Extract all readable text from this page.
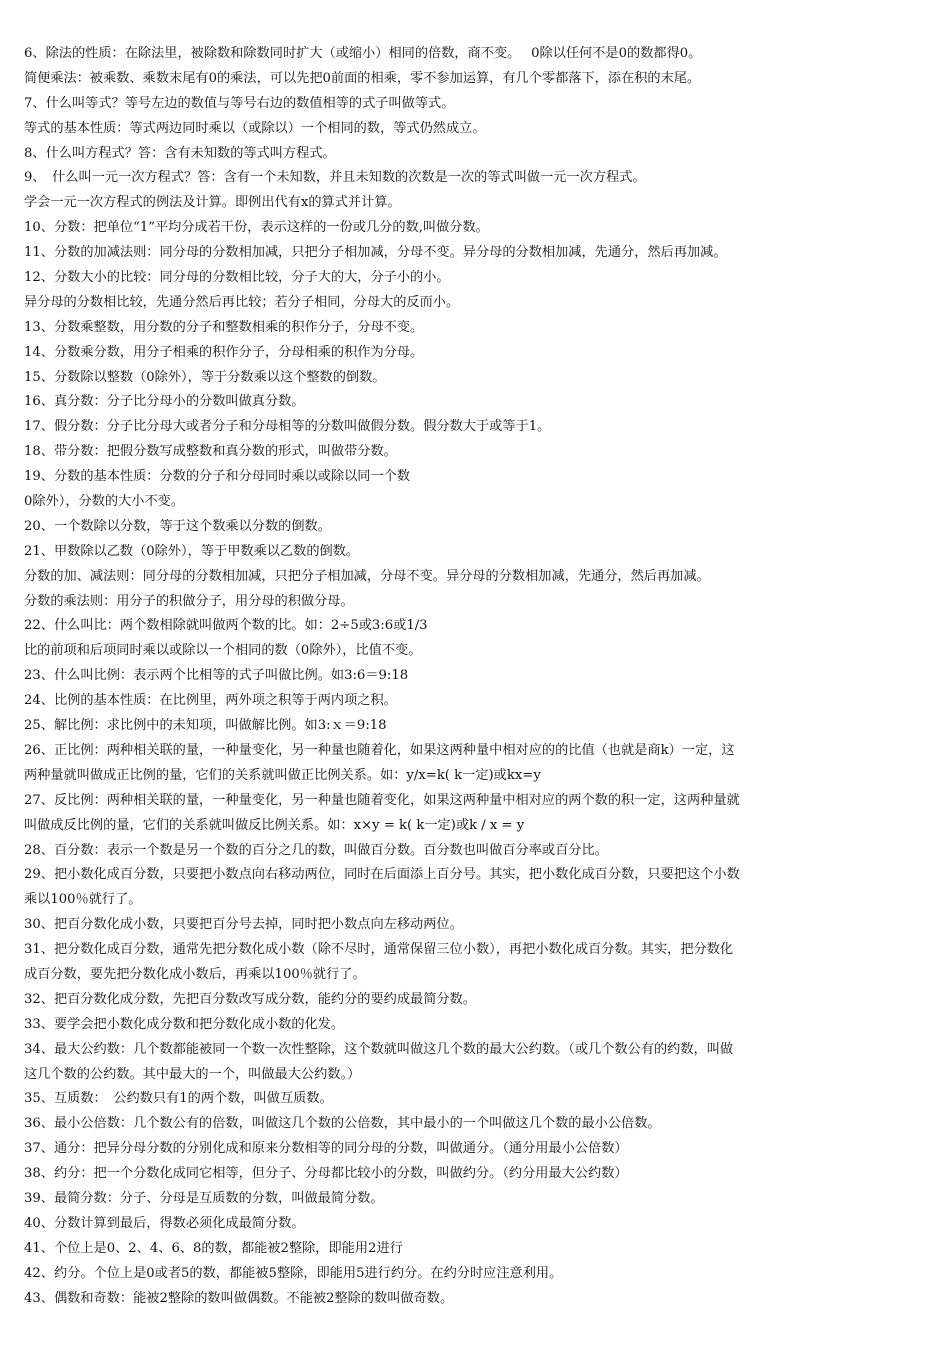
6、除法的性质：在除法里，被除数和除数同时扩大（或缩小）相同的倍数，商不变。　 0除以任何不是0的数都得0。
简便乘法：被乘数、乘数末尾有0的乘法，可以先把0前面的相乘，零不参加运算，有几个零都落下，添在积的末尾。
7、什么叫等式？等号左边的数值与等号右边的数值相等的式子叫做等式。
等式的基本性质：等式两边同时乘以（或除以）一个相同的数，等式仍然成立。
8、什么叫方程式？答：含有未知数的等式叫方程式。
9、　什么叫一元一次方程式？答：含有一个未知数，并且未知数的次数是一次的等式叫做一元一次方程式。
学会一元一次方程式的例法及计算。即例出代有x的算式并计算。
10、分数：把单位“1”平均分成若干份，表示这样的一份或几分的数,叫做分数。
11、分数的加减法则：同分母的分数相加减，只把分子相加减，分母不变。异分母的分数相加减，先通分，然后再加减。
12、分数大小的比较：同分母的分数相比较，分子大的大，分子小的小。
异分母的分数相比较，先通分然后再比较；若分子相同，分母大的反而小。
13、分数乘整数，用分数的分子和整数相乘的积作分子，分母不变。
14、分数乘分数，用分子相乘的积作分子，分母相乘的积作为分母。
15、分数除以整数（0除外），等于分数乘以这个整数的倒数。
16、真分数：分子比分母小的分数叫做真分数。
17、假分数：分子比分母大或者分子和分母相等的分数叫做假分数。假分数大于或等于1。
18、带分数：把假分数写成整数和真分数的形式，叫做带分数。
19、分数的基本性质：分数的分子和分母同时乘以或除以同一个数
0除外），分数的大小不变。
20、一个数除以分数，等于这个数乘以分数的倒数。
21、甲数除以乙数（0除外），等于甲数乘以乙数的倒数。
分数的加、减法则：同分母的分数相加减，只把分子相加减，分母不变。异分母的分数相加减，先通分，然后再加减。
分数的乘法则：用分子的积做分子，用分母的积做分母。
22、什么叫比：两个数相除就叫做两个数的比。如：2÷5或3:6或1/3
比的前项和后项同时乘以或除以一个相同的数（0除外），比值不变。
23、什么叫比例：表示两个比相等的式子叫做比例。如3:6＝9:18
24、比例的基本性质：在比例里，两外项之积等于两内项之积。
25、解比例：求比例中的未知项，叫做解比例。如3:ｘ＝9:18
26、正比例：两种相关联的量，一种量变化，另一种量也随着化，如果这两种量中相对应的的比值（也就是商k）一定，这
两种量就叫做成正比例的量，它们的关系就叫做正比例关系。如：y/x=k( k一定)或kx=y
27、反比例：两种相关联的量，一种量变化，另一种量也随着变化，如果这两种量中相对应的两个数的积一定，这两种量就
叫做成反比例的量，它们的关系就叫做反比例关系。如：x×y = k( k一定)或k / x = y
28、百分数：表示一个数是另一个数的百分之几的数，叫做百分数。百分数也叫做百分率或百分比。
29、把小数化成百分数，只要把小数点向右移动两位，同时在后面添上百分号。其实，把小数化成百分数，只要把这个小数
乘以100％就行了。
30、把百分数化成小数，只要把百分号去掉，同时把小数点向左移动两位。
31、把分数化成百分数，通常先把分数化成小数（除不尽时，通常保留三位小数），再把小数化成百分数。其实，把分数化
成百分数，要先把分数化成小数后，再乘以100％就行了。
32、把百分数化成分数，先把百分数改写成分数，能约分的要约成最简分数。
33、要学会把小数化成分数和把分数化成小数的化发。
34、最大公约数：几个数都能被同一个数一次性整除，这个数就叫做这几个数的最大公约数。（或几个数公有的约数，叫做
这几个数的公约数。其中最大的一个，叫做最大公约数。）
35、互质数：　公约数只有1的两个数，叫做互质数。
36、最小公倍数：几个数公有的倍数，叫做这几个数的公倍数，其中最小的一个叫做这几个数的最小公倍数。
37、通分：把异分母分数的分别化成和原来分数相等的同分母的分数，叫做通分。（通分用最小公倍数）
38、约分：把一个分数化成同它相等，但分子、分母都比较小的分数，叫做约分。（约分用最大公约数）
39、最简分数：分子、分母是互质数的分数，叫做最简分数。
40、分数计算到最后，得数必须化成最简分数。
41、个位上是0、2、4、6、8的数，都能被2整除，即能用2进行
42、约分。个位上是0或者5的数，都能被5整除，即能用5进行约分。在约分时应注意利用。
43、偶数和奇数：能被2整除的数叫做偶数。不能被2整除的数叫做奇数。
